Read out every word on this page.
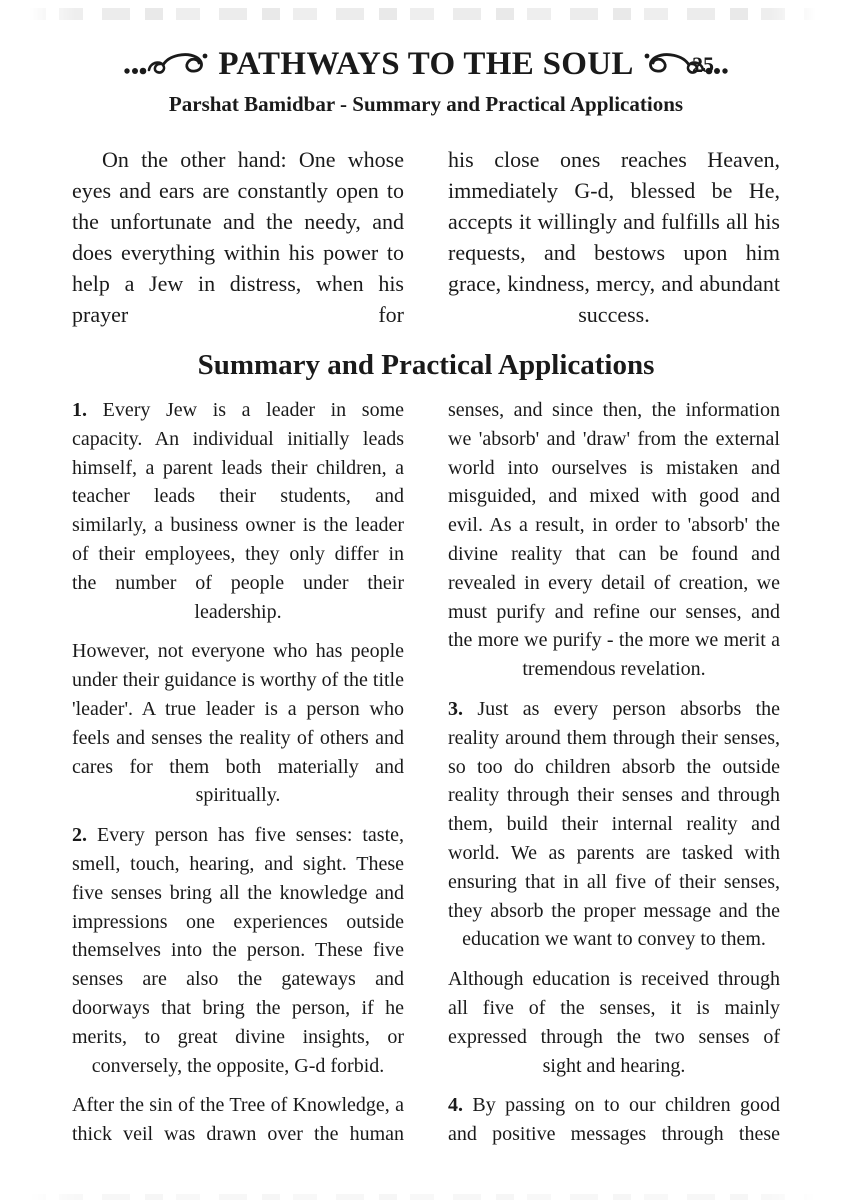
PATHWAYS TO THE SOUL	25
Parshat Bamidbar - Summary and Practical Applications

On the other hand: One whose eyes and ears are constantly open to the unfortunate and the needy, and does everything within his power to help a Jew in distress, when his prayer for

his close ones reaches Heaven, immediately G-d, blessed be He, accepts it willingly and fulfills all his requests, and bestows upon him grace, kindness, mercy, and abundant success.

Summary and Practical Applications

1. Every Jew is a leader in some capacity. An individual initially leads himself, a parent leads their children, a teacher leads their students, and similarly, a business owner is the leader of their employees, they only differ in the number of people under their leadership.

However, not everyone who has people under their guidance is worthy of the title 'leader'. A true leader is a person who feels and senses the reality of others and cares for them both materially and spiritually.

2. Every person has five senses: taste, smell, touch, hearing, and sight. These five senses bring all the knowledge and impressions one experiences outside themselves into the person. These five senses are also the gateways and doorways that bring the person, if he merits, to great divine insights, or conversely, the opposite, G-d forbid.

After the sin of the Tree of Knowledge, a thick veil was drawn over the human

senses, and since then, the information we 'absorb' and 'draw' from the external world into ourselves is mistaken and misguided, and mixed with good and evil. As a result, in order to 'absorb' the divine reality that can be found and revealed in every detail of creation, we must purify and refine our senses, and the more we purify - the more we merit a tremendous revelation.

3. Just as every person absorbs the reality around them through their senses, so too do children absorb the outside reality through their senses and through them, build their internal reality and world. We as parents are tasked with ensuring that in all five of their senses, they absorb the proper message and the education we want to convey to them.

Although education is received through all five of the senses, it is mainly expressed through the two senses of sight and hearing.

4. By passing on to our children good and positive messages through these
